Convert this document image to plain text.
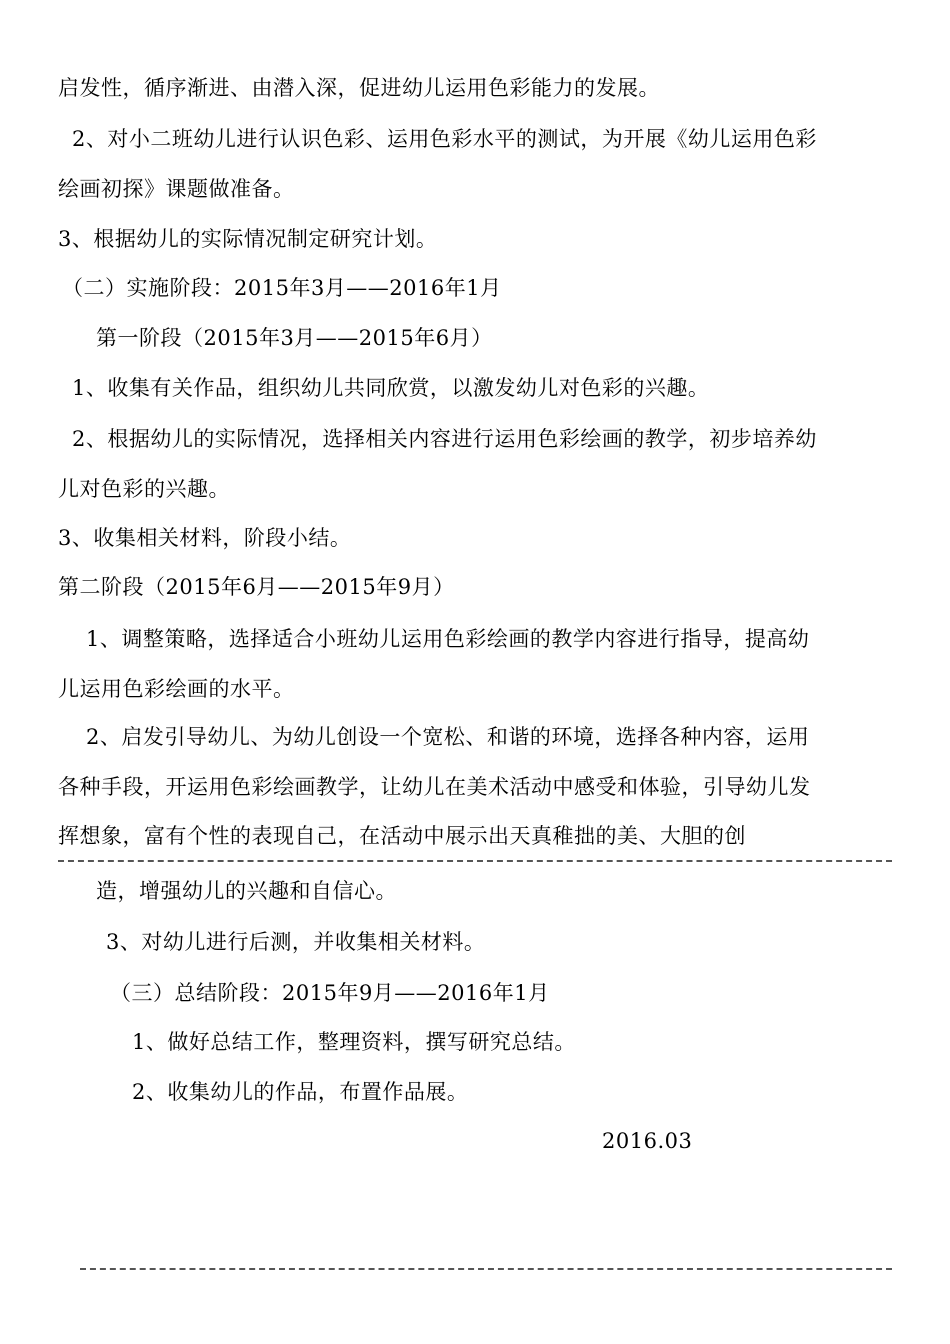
启发性，循序渐进、由潜入深，促进幼儿运用色彩能力的发展。
2、对小二班幼儿进行认识色彩、运用色彩水平的测试，为开展《幼儿运用色彩
绘画初探》课题做准备。
3、根据幼儿的实际情况制定研究计划。
（二）实施阶段：2015年3月——2016年1月
第一阶段（2015年3月——2015年6月）
1、收集有关作品，组织幼儿共同欣赏，以激发幼儿对色彩的兴趣。
2、根据幼儿的实际情况，选择相关内容进行运用色彩绘画的教学，初步培养幼
儿对色彩的兴趣。
3、收集相关材料，阶段小结。
第二阶段（2015年6月——2015年9月）
1、调整策略，选择适合小班幼儿运用色彩绘画的教学内容进行指导，提高幼
儿运用色彩绘画的水平。
2、启发引导幼儿、为幼儿创设一个宽松、和谐的环境，选择各种内容，运用
各种手段，开运用色彩绘画教学，让幼儿在美术活动中感受和体验，引导幼儿发
挥想象，富有个性的表现自己，在活动中展示出天真稚拙的美、大胆的创
造，增强幼儿的兴趣和自信心。
3、对幼儿进行后测，并收集相关材料。
（三）总结阶段：2015年9月——2016年1月
1、做好总结工作，整理资料，撰写研究总结。
2、收集幼儿的作品，布置作品展。
2016.03
